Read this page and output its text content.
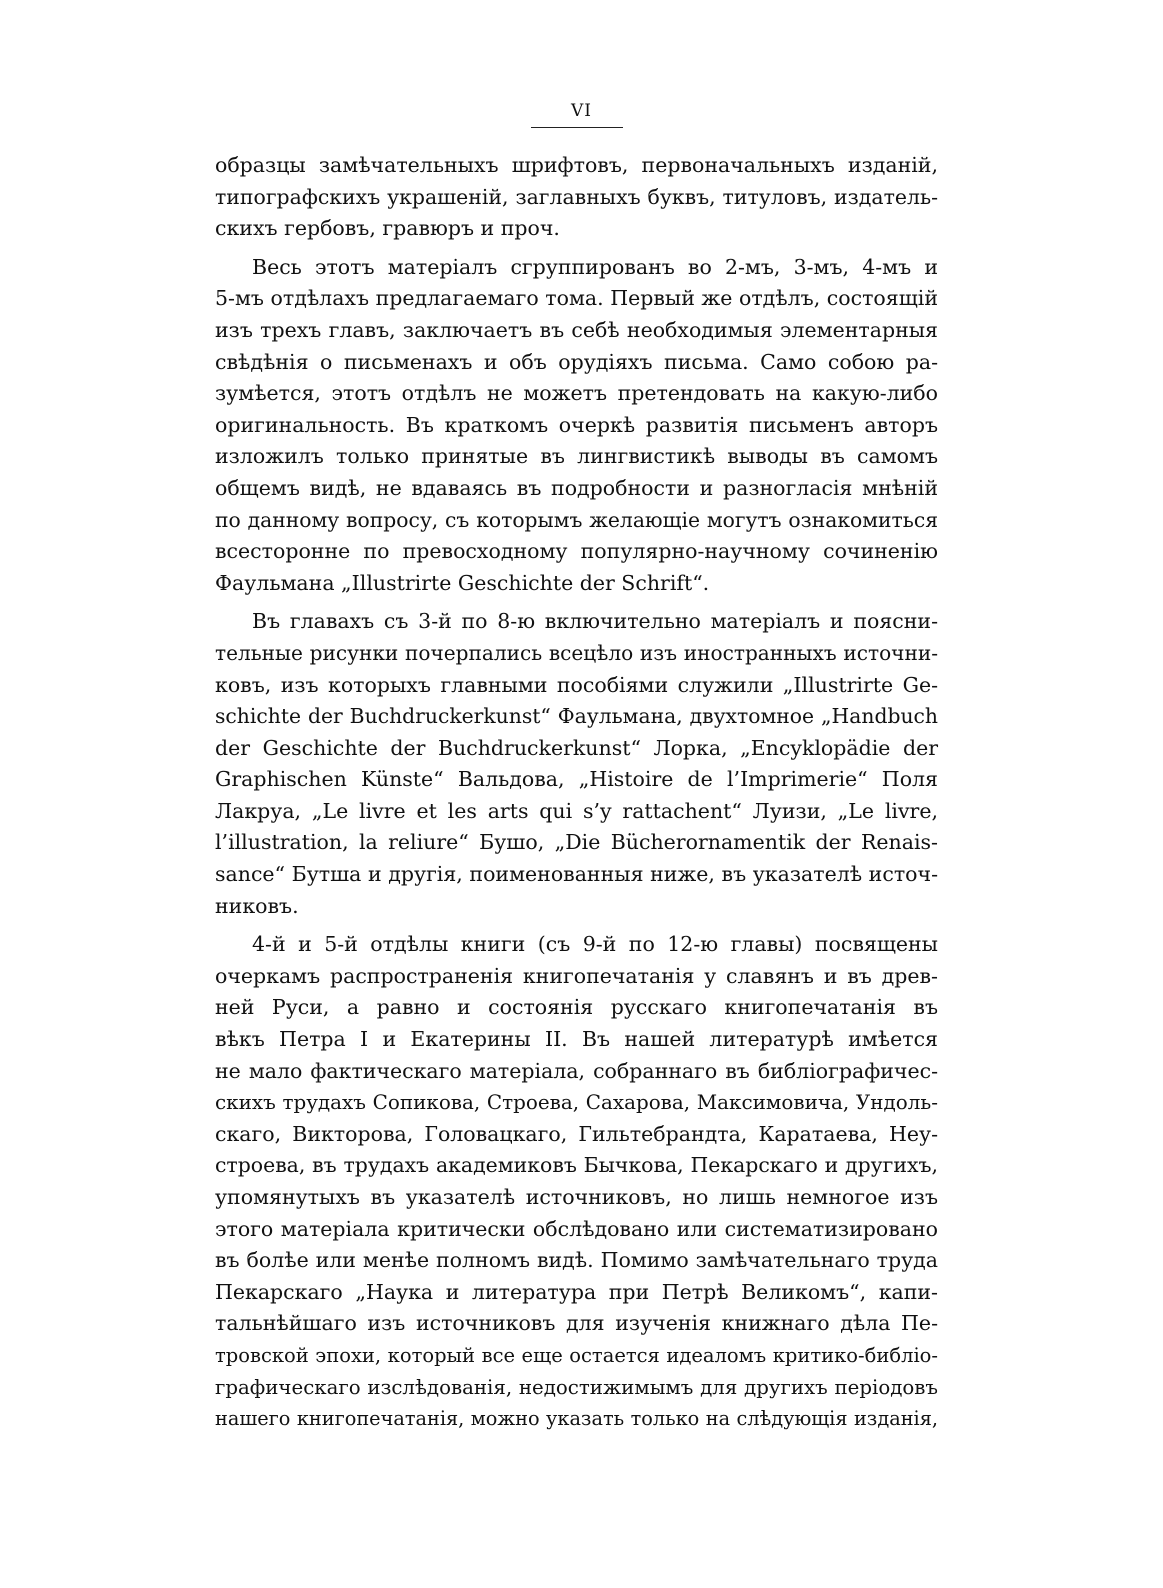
VI
образцы замѣчательныхъ шрифтовъ, первоначальныхъ изданій,
типографскихъ украшеній, заглавныхъ буквъ, титуловъ, издатель-
скихъ гербовъ, гравюръ и проч.
Весь этотъ матеріалъ сгруппированъ во 2-мъ, 3-мъ, 4-мъ и
5-мъ отдѣлахъ предлагаемаго тома. Первый же отдѣлъ, состоящій
изъ трехъ главъ, заключаетъ въ себѣ необходимыя элементарныя
свѣдѣнія о письменахъ и объ орудіяхъ письма. Само собою ра-
зумѣется, этотъ отдѣлъ не можетъ претендовать на какую-либо
оригинальность. Въ краткомъ очеркѣ развитія письменъ авторъ
изложилъ только принятые въ лингвистикѣ выводы въ самомъ
общемъ видѣ, не вдаваясь въ подробности и разногласія мнѣній
по данному вопросу, съ которымъ желающіе могутъ ознакомиться
всесторонне по превосходному популярно-научному сочиненію
Фаульмана „Illustrirte Geschichte der Schrift“.
Въ главахъ съ 3-й по 8-ю включительно матеріалъ и поясни-
тельные рисунки почерпались всецѣло изъ иностранныхъ источни-
ковъ, изъ которыхъ главными пособіями служили „Illustrirte Ge-
schichte der Buchdruckerkunst“ Фаульмана, двухтомное „Handbuch
der Geschichte der Buchdruckerkunst“ Лорка, „Encyklopädie der
Graphischen Künste“ Вальдова, „Histoire de l’Imprimerie“ Поля
Лакруа, „Le livre et les arts qui s’y rattachent“ Луизи, „Le livre,
l’illustration, la reliure“ Бушо, „Die Bücherornamentik der Renais-
sance“ Бутша и другія, поименованныя ниже, въ указателѣ источ-
никовъ.
4-й и 5-й отдѣлы книги (съ 9-й по 12-ю главы) посвящены
очеркамъ распространенія книгопечатанія у славянъ и въ древ-
ней Руси, а равно и состоянія русскаго книгопечатанія въ
вѣкъ Петра I и Екатерины II. Въ нашей литературѣ имѣется
не мало фактическаго матеріала, собраннаго въ библіографичес-
скихъ трудахъ Сопикова, Строева, Сахарова, Максимовича, Ундоль-
скаго, Викторова, Головацкаго, Гильтебрандта, Каратаева, Неу-
строева, въ трудахъ академиковъ Бычкова, Пекарскаго и другихъ,
упомянутыхъ въ указателѣ источниковъ, но лишь немногое изъ
этого матеріала критически обслѣдовано или систематизировано
въ болѣе или менѣе полномъ видѣ. Помимо замѣчательнаго труда
Пекарскаго „Наука и литература при Петрѣ Великомъ“, капи-
тальнѣйшаго изъ источниковъ для изученія книжнаго дѣла Пе-
тровской эпохи, который все еще остается идеаломъ критико-библіо-
графическаго изслѣдованія, недостижимымъ для другихъ періодовъ
нашего книгопечатанія, можно указать только на слѣдующія изданія,
